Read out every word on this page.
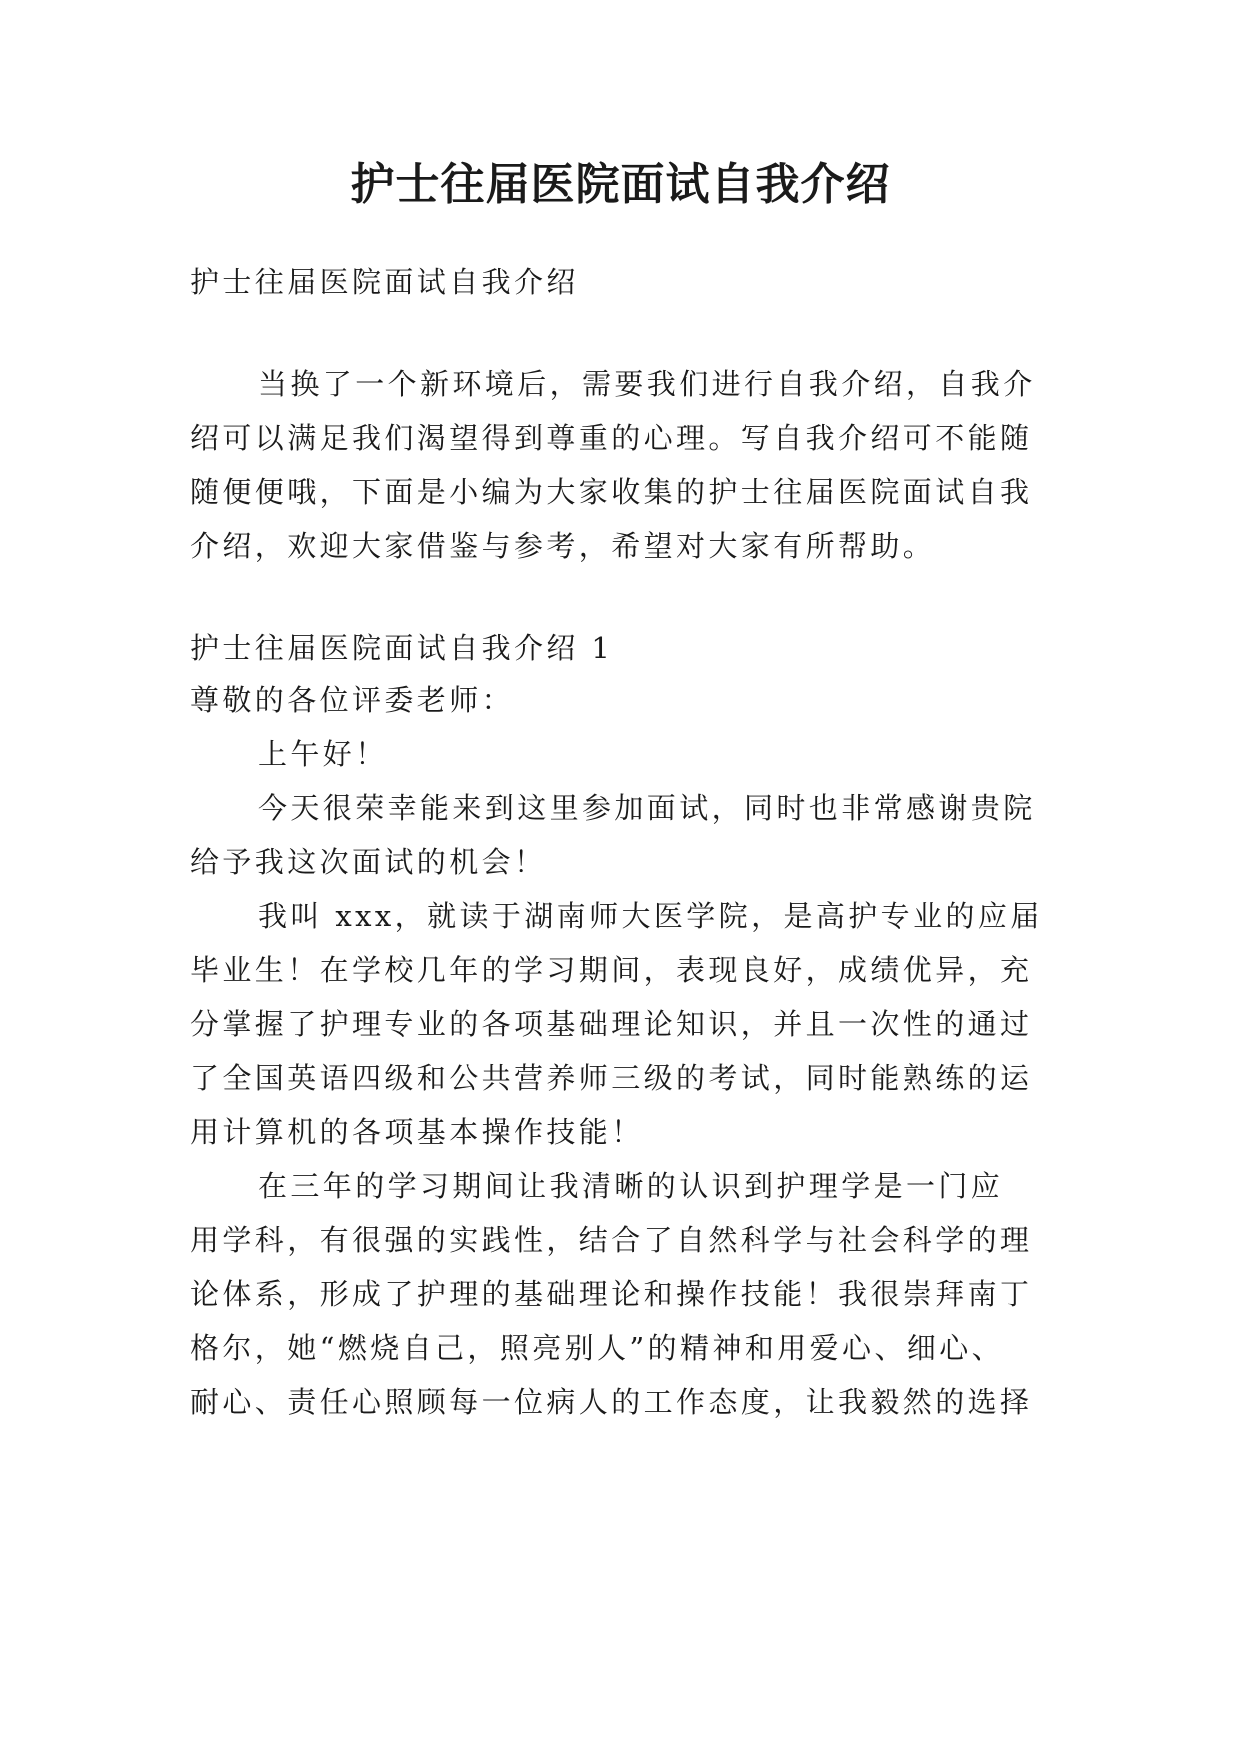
护士往届医院面试自我介绍

护士往届医院面试自我介绍

当换了一个新环境后，需要我们进行自我介绍，自我介

绍可以满足我们渴望得到尊重的心理。写自我介绍可不能随

随便便哦，下面是小编为大家收集的护士往届医院面试自我

介绍，欢迎大家借鉴与参考，希望对大家有所帮助。

护士往届医院面试自我介绍 1

尊敬的各位评委老师：

上午好！

今天很荣幸能来到这里参加面试，同时也非常感谢贵院

给予我这次面试的机会！

我叫 xxx，就读于湖南师大医学院，是高护专业的应届

毕业生！在学校几年的学习期间，表现良好，成绩优异，充

分掌握了护理专业的各项基础理论知识，并且一次性的通过

了全国英语四级和公共营养师三级的考试，同时能熟练的运

用计算机的各项基本操作技能！

在三年的学习期间让我清晰的认识到护理学是一门应

用学科，有很强的实践性，结合了自然科学与社会科学的理

论体系，形成了护理的基础理论和操作技能！我很崇拜南丁

格尔，她“燃烧自己，照亮别人”的精神和用爱心、细心、

耐心、责任心照顾每一位病人的工作态度，让我毅然的选择
